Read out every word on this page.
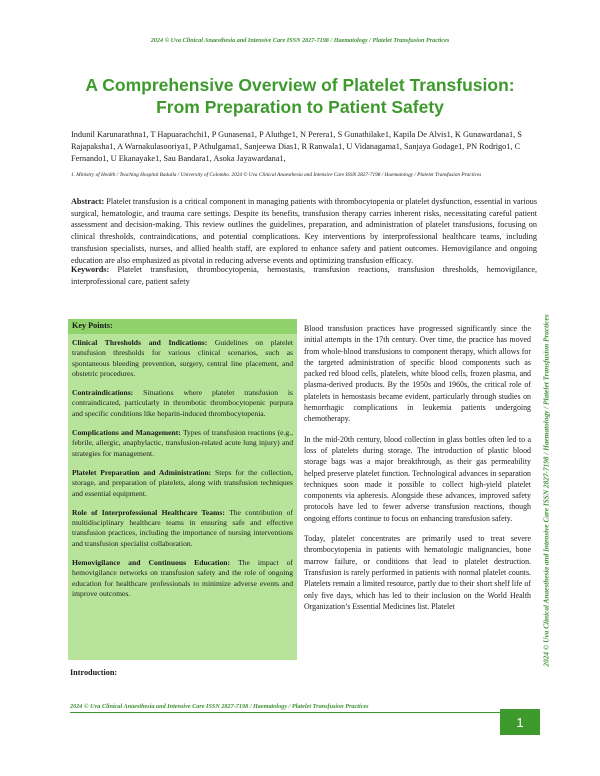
2024 © Uva Clinical Anaesthesia and Intensive Care ISSN 2827-7198 / Haematology / Platelet Transfusion Practices
A Comprehensive Overview of Platelet Transfusion:
From Preparation to Patient Safety
Indunil Karunarathna1, T Hapuarachchi1, P Gunasena1, P Aluthge1, N Perera1, S Gunathilake1, Kapila De Alvis1, K Gunawardana1, S Rajapaksha1, A Warnakulasooriya1, P Athulgama1, Sanjeewa Dias1, R Ranwala1, U Vidanagama1, Sanjaya Godage1, PN Rodrigo1, C Fernando1, U Ekanayake1, Sau Bandara1, Asoka Jayawardana1,
1. Ministry of Health / Teaching Hospital Badulla / University of Colombo. 2024 © Uva Clinical Anaesthesia and Intensive Care ISSN 2827-7198 / Haematology / Platelet Transfusion Practices
Abstract: Platelet transfusion is a critical component in managing patients with thrombocytopenia or platelet dysfunction, essential in various surgical, hematologic, and trauma care settings. Despite its benefits, transfusion therapy carries inherent risks, necessitating careful patient assessment and decision-making. This review outlines the guidelines, preparation, and administration of platelet transfusions, focusing on clinical thresholds, contraindications, and potential complications. Key interventions by interprofessional healthcare teams, including transfusion specialists, nurses, and allied health staff, are explored to enhance safety and patient outcomes. Hemovigilance and ongoing education are also emphasized as pivotal in reducing adverse events and optimizing transfusion efficacy.
Keywords: Platelet transfusion, thrombocytopenia, hemostasis, transfusion reactions, transfusion thresholds, hemovigilance, interprofessional care, patient safety
Key Points:
Clinical Thresholds and Indications: Guidelines on platelet transfusion thresholds for various clinical scenarios, such as spontaneous bleeding prevention, surgery, central line placement, and obstetric procedures.
Contraindications: Situations where platelet transfusion is contraindicated, particularly in thrombotic thrombocytopenic purpura and specific conditions like heparin-induced thrombocytopenia.
Complications and Management: Types of transfusion reactions (e.g., febrile, allergic, anaphylactic, transfusion-related acute lung injury) and strategies for management.
Platelet Preparation and Administration: Steps for the collection, storage, and preparation of platelets, along with transfusion techniques and essential equipment.
Role of Interprofessional Healthcare Teams: The contribution of multidisciplinary healthcare teams in ensuring safe and effective transfusion practices, including the importance of nursing interventions and transfusion specialist collaboration.
Hemovigilance and Continuous Education: The impact of hemovigilance networks on transfusion safety and the role of ongoing education for healthcare professionals to minimize adverse events and improve outcomes.
Introduction:

Blood transfusion practices have progressed significantly since the initial attempts in the 17th century. Over time, the practice has moved from whole-blood transfusions to component therapy, which allows for the targeted administration of specific blood components such as packed red blood cells, platelets, white blood cells, frozen plasma, and plasma-derived products. By the 1950s and 1960s, the critical role of platelets in hemostasis became evident, particularly through studies on hemorrhagic complications in leukemia patients undergoing chemotherapy.

In the mid-20th century, blood collection in glass bottles often led to a loss of platelets during storage. The introduction of plastic blood storage bags was a major breakthrough, as their gas permeability helped preserve platelet function. Technological advances in separation techniques soon made it possible to collect high-yield platelet components via apheresis. Alongside these advances, improved safety protocols have led to fewer adverse transfusion reactions, though ongoing efforts continue to focus on enhancing transfusion safety.

Today, platelet concentrates are primarily used to treat severe thrombocytopenia in patients with hematologic malignancies, bone marrow failure, or conditions that lead to platelet destruction. Transfusion is rarely performed in patients with normal platelet counts. Platelets remain a limited resource, partly due to their short shelf life of only five days, which has led to their inclusion on the World Health Organization’s Essential Medicines list. Platelet	2024 © Uva Clinical Anaesthesia and Intensive Care ISSN 2827-7198 / Haematology / Platelet Transfusion Practices
2024 © Uva Clinical Anaesthesia and Intensive Care ISSN 2827-7198 / Haematology / Platelet Transfusion Practices
1
